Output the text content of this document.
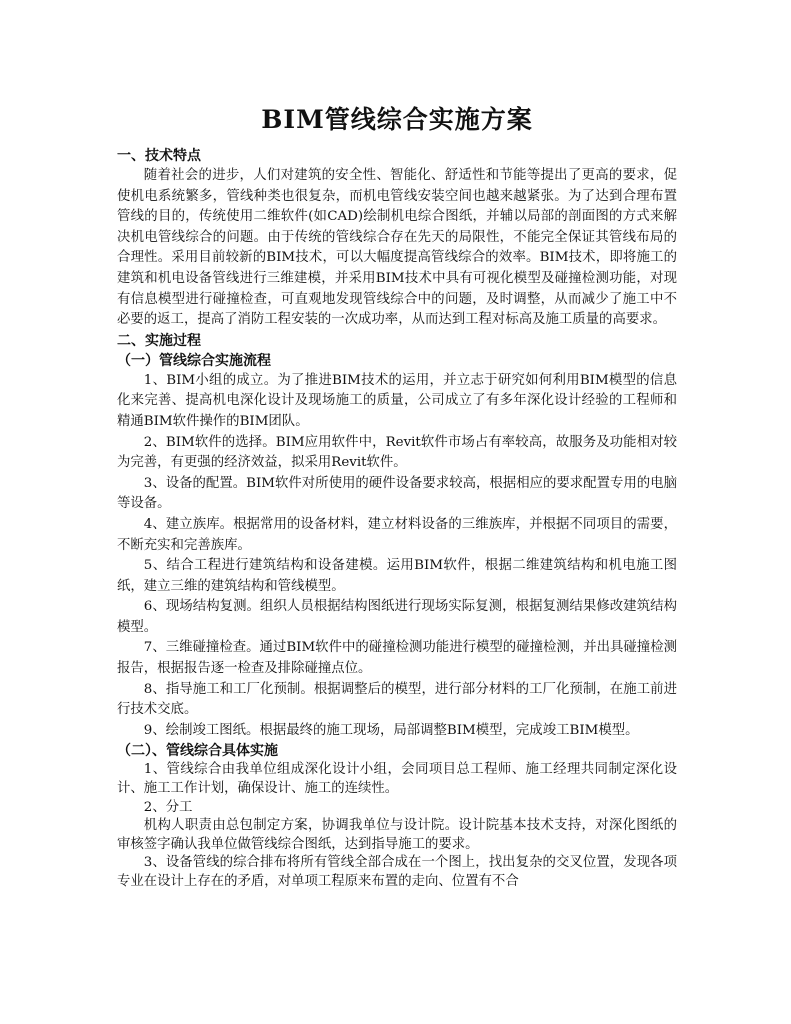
BIM管线综合实施方案
一、技术特点

随着社会的进步，人们对建筑的安全性、智能化、舒适性和节能等提出了更高的要求，促使机电系统繁多，管线种类也很复杂，而机电管线安装空间也越来越紧张。为了达到合理布置管线的目的，传统使用二维软件(如CAD)绘制机电综合图纸，并辅以局部的剖面图的方式来解决机电管线综合的问题。由于传统的管线综合存在先天的局限性，不能完全保证其管线布局的合理性。采用目前较新的BIM技术，可以大幅度提高管线综合的效率。BIM技术，即将施工的建筑和机电设备管线进行三维建模，并采用BIM技术中具有可视化模型及碰撞检测功能，对现有信息模型进行碰撞检查，可直观地发现管线综合中的问题，及时调整，从而减少了施工中不必要的返工，提高了消防工程安装的一次成功率，从而达到工程对标高及施工质量的高要求。

二、实施过程
（一）管线综合实施流程

1、BIM小组的成立。为了推进BIM技术的运用，并立志于研究如何利用BIM模型的信息化来完善、提高机电深化设计及现场施工的质量，公司成立了有多年深化设计经验的工程师和精通BIM软件操作的BIM团队。

2、BIM软件的选择。BIM应用软件中，Revit软件市场占有率较高，故服务及功能相对较为完善，有更强的经济效益，拟采用Revit软件。

3、设备的配置。BIM软件对所使用的硬件设备要求较高，根据相应的要求配置专用的电脑等设备。

4、建立族库。根据常用的设备材料，建立材料设备的三维族库，并根据不同项目的需要，不断充实和完善族库。

5、结合工程进行建筑结构和设备建模。运用BIM软件，根据二维建筑结构和机电施工图纸，建立三维的建筑结构和管线模型。

6、现场结构复测。组织人员根据结构图纸进行现场实际复测，根据复测结果修改建筑结构模型。

7、三维碰撞检查。通过BIM软件中的碰撞检测功能进行模型的碰撞检测，并出具碰撞检测报告，根据报告逐一检查及排除碰撞点位。

8、指导施工和工厂化预制。根据调整后的模型，进行部分材料的工厂化预制，在施工前进行技术交底。

9、绘制竣工图纸。根据最终的施工现场，局部调整BIM模型，完成竣工BIM模型。

（二）、管线综合具体实施

1、管线综合由我单位组成深化设计小组，会同项目总工程师、施工经理共同制定深化设计、施工工作计划，确保设计、施工的连续性。

2、分工

机构人职责由总包制定方案，协调我单位与设计院。设计院基本技术支持，对深化图纸的审核签字确认我单位做管线综合图纸，达到指导施工的要求。

3、设备管线的综合排布将所有管线全部合成在一个图上，找出复杂的交叉位置，发现各项专业在设计上存在的矛盾，对单项工程原来布置的走向、位置有不合
